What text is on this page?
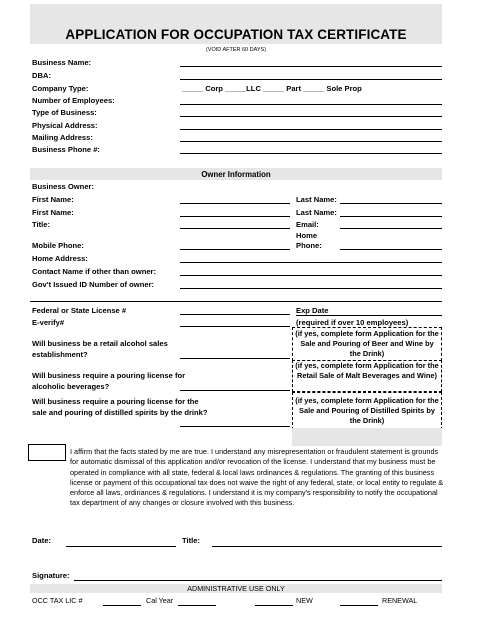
APPLICATION FOR OCCUPATION TAX CERTIFICATE
(VOID AFTER 60 DAYS)
Business Name:
DBA:
Company Type:	_____ Corp _____LLC _____ Part _____ Sole Prop
Number of Employees:
Type of Business:
Physical Address:
Mailing Address:
Business Phone #:
Owner Information
Business Owner:
First Name:	Last Name:
First Name:	Last Name:
Title:	Email:
Home
Mobile Phone:	Phone:
Home Address:
Contact Name if other than owner:
Gov't Issued ID Number of owner:
Federal or State License #	Exp Date
E-verify#	(required if over 10 employees)
Will business be a retail alcohol sales establishment?
(if yes, complete form Application for the Sale and Pouring of Beer and Wine by the Drink)
Will business require a pouring license for alcoholic beverages?
(if yes, complete form Application for the Retail Sale of Malt Beverages and Wine)
Will business require a pouring license for the sale and pouring of distilled spirits by the drink?
(if yes, complete form Application for the Sale and Pouring of Distilled Spirits by the Drink)
I affirm that the facts stated by me are true. I understand any misrepresentation or fraudulent statement is grounds for automatic dismissal of this application and/or revocation of the license. I understand that my business must be operated in compliance with all state, federal & local laws ordinances & regulations. The granting of this business license or payment of this occupational tax does not waive the right of any federal, state, or local entity to regulate & enforce all laws, ordinances & regulations. I understand it is my company's responsibility to notify the occupational tax department of any changes or closure involved with this business.
Date:	Title:
Signature:
ADMINISTRATIVE USE ONLY
OCC TAX LIC #	Cal Year	NEW	RENEWAL
